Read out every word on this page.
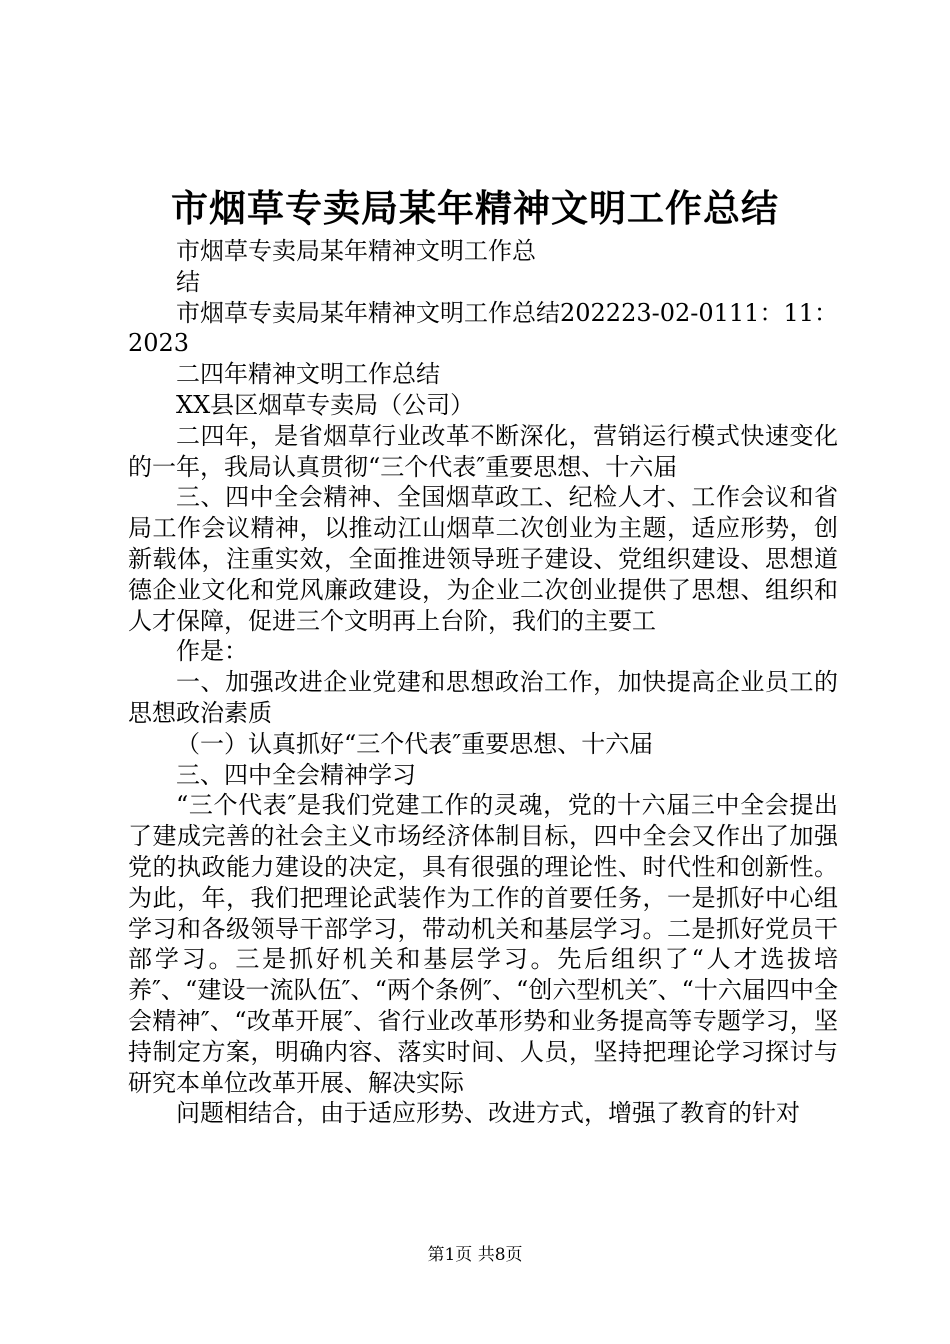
市烟草专卖局某年精神文明工作总结

市烟草专卖局某年精神文明工作总

结

市烟草专卖局某年精神文明工作总结202223-02-0111：11：2023

二四年精神文明工作总结

XX县区烟草专卖局（公司）

二四年，是省烟草行业改革不断深化，营销运行模式快速变化的一年，我局认真贯彻“三个代表″重要思想、十六届

三、四中全会精神、全国烟草政工、纪检人才、工作会议和省局工作会议精神，以推动江山烟草二次创业为主题，适应形势，创新载体，注重实效，全面推进领导班子建设、党组织建设、思想道德企业文化和党风廉政建设，为企业二次创业提供了思想、组织和人才保障，促进三个文明再上台阶，我们的主要工

作是：

一、加强改进企业党建和思想政治工作，加快提高企业员工的思想政治素质

（一）认真抓好“三个代表″重要思想、十六届

三、四中全会精神学习

“三个代表″是我们党建工作的灵魂，党的十六届三中全会提出了建成完善的社会主义市场经济体制目标，四中全会又作出了加强党的执政能力建设的决定，具有很强的理论性、时代性和创新性。为此，年，我们把理论武装作为工作的首要任务，一是抓好中心组学习和各级领导干部学习，带动机关和基层学习。二是抓好党员干部学习。三是抓好机关和基层学习。先后组织了“人才选拔培养″、“建设一流队伍″、“两个条例″、“创六型机关″、“十六届四中全会精神″、“改革开展″、省行业改革形势和业务提高等专题学习，坚持制定方案，明确内容、落实时间、人员，坚持把理论学习探讨与研究本单位改革开展、解决实际

问题相结合，由于适应形势、改进方式，增强了教育的针对

第1页 共8页
